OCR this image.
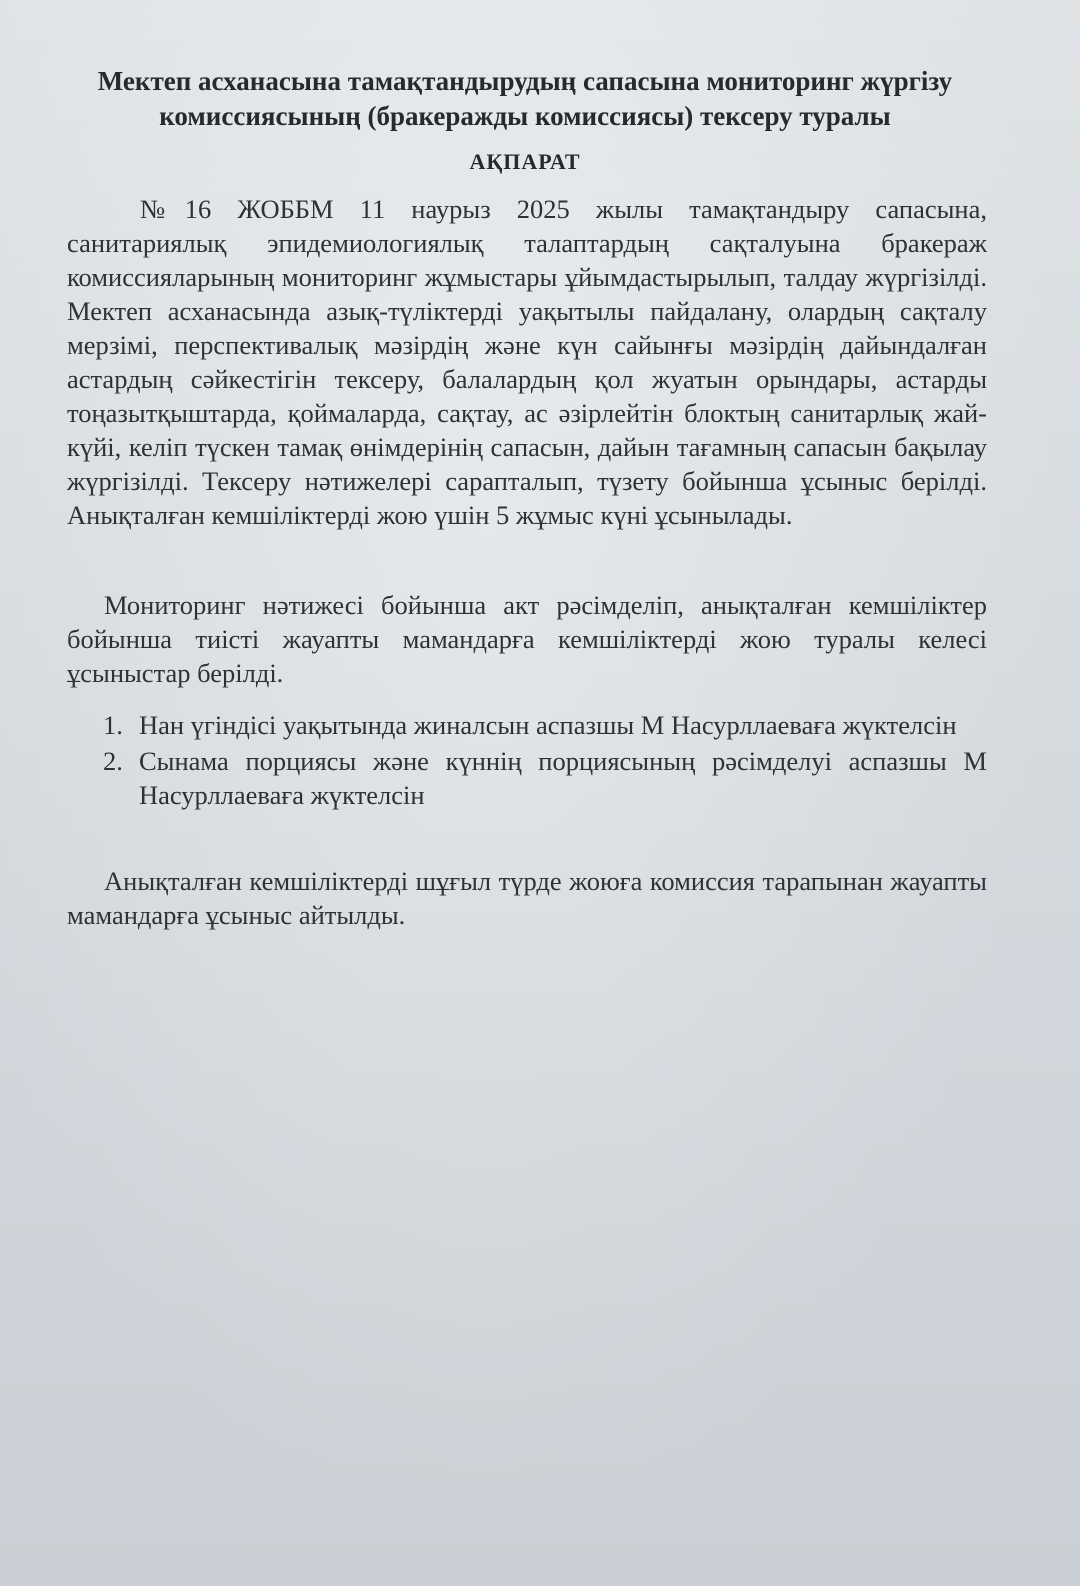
Мектеп асханасына тамақтандырудың сапасына мониторинг жүргізу
комиссиясының (бракеражды комиссиясы) тексеру туралы
АҚПАРАТ
№16 ЖОББМ 11 наурыз 2025 жылы тамақтандыру сапасына, санитариялық эпидемиологиялық талаптардың сақталуына бракераж комиссияларының мониторинг жұмыстары ұйымдастырылып, талдау жүргізілді. Мектеп асханасында азық-түліктерді уақытылы пайдалану, олардың сақталу мерзімі, перспективалық мәзірдің және күн сайынғы мәзірдің дайындалған астардың сәйкестігін тексеру, балалардың қол жуатын орындары, астарды тоңазытқыштарда, қоймаларда, сақтау, ас әзірлейтін блоктың санитарлық жай-күйі, келіп түскен тамақ өнімдерінің сапасын, дайын тағамның сапасын бақылау жүргізілді. Тексеру нәтижелері сарапталып, түзету бойынша ұсыныс берілді. Анықталған кемшіліктерді жою үшін 5 жұмыс күні ұсынылады.
Мониторинг нәтижесі бойынша акт рәсімделіп, анықталған кемшіліктер бойынша тиісті жауапты мамандарға кемшіліктерді жою туралы келесі ұсыныстар берілді.
1. Нан үгіндісі уақытында жиналсын аспазшы М Насурллаеваға жүктелсін
2. Сынама порциясы және күннің порциясының рәсімделуі аспазшы М Насурллаеваға жүктелсін
Анықталған кемшіліктерді шұғыл түрде жоюға комиссия тарапынан жауапты мамандарға ұсыныс айтылды.
